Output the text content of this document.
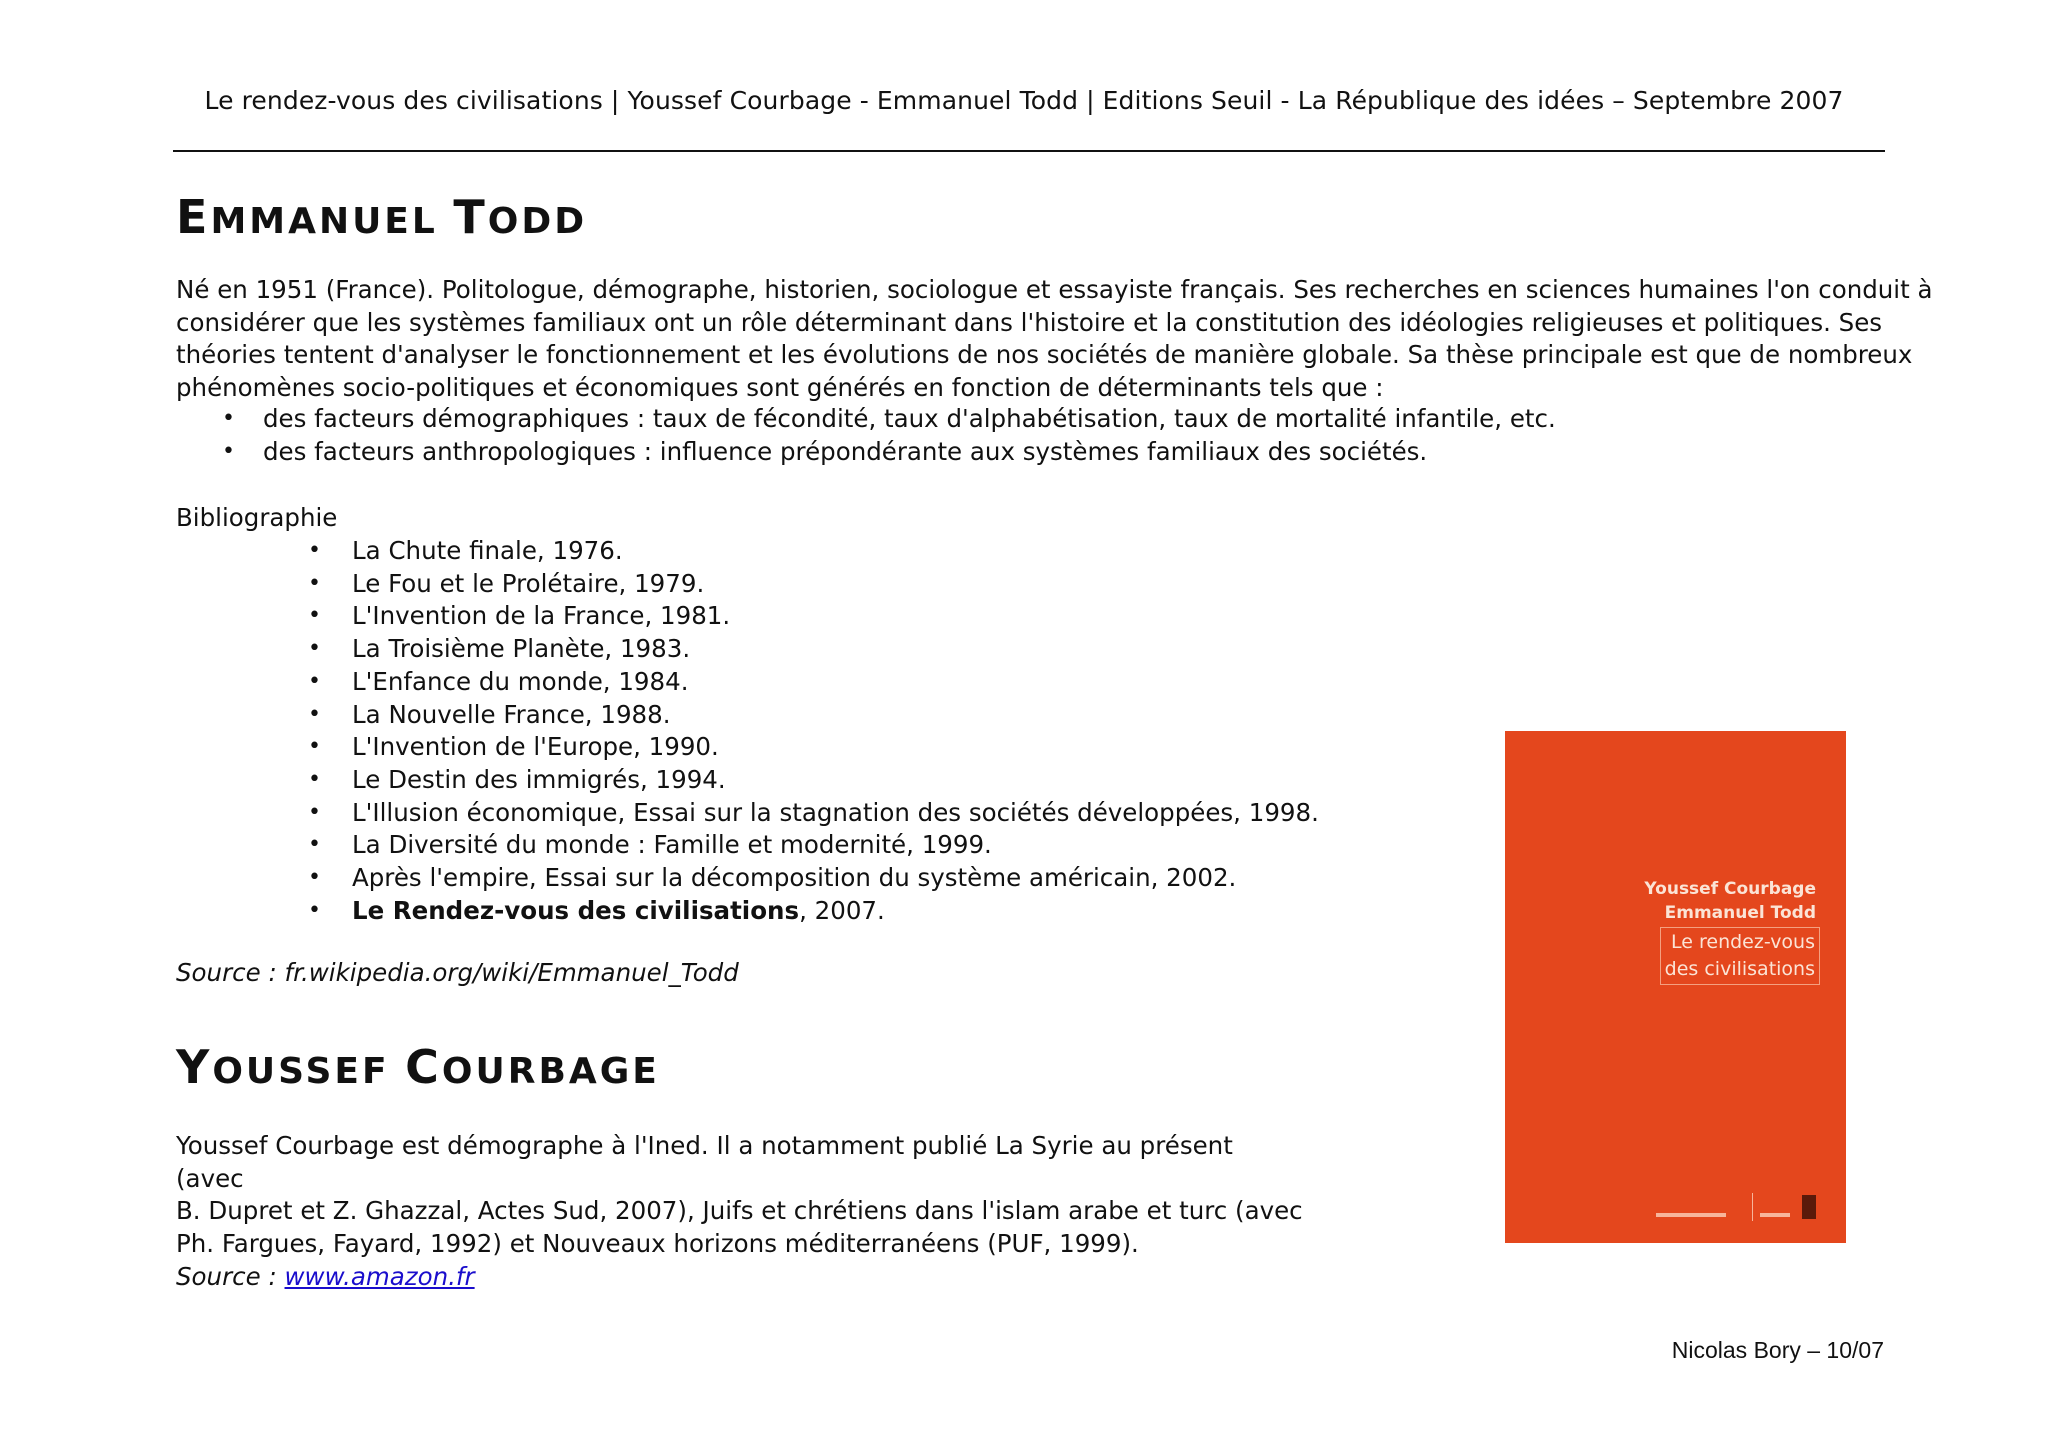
Le rendez-vous des civilisations | Youssef Courbage - Emmanuel Todd | Editions Seuil - La République des idées – Septembre 2007
EMMANUEL TODD

Né en 1951 (France). Politologue, démographe, historien, sociologue et essayiste français. Ses recherches en sciences humaines l'on conduit à considérer que les systèmes familiaux ont un rôle déterminant dans l'histoire et la constitution des idéologies religieuses et politiques. Ses théories tentent d'analyser le fonctionnement et les évolutions de nos sociétés de manière globale. Sa thèse principale est que de nombreux phénomènes socio-politiques et économiques sont générés en fonction de déterminants tels que :

• des facteurs démographiques : taux de fécondité, taux d'alphabétisation, taux de mortalité infantile, etc.
• des facteurs anthropologiques : influence prépondérante aux systèmes familiaux des sociétés.
Bibliographie
• La Chute finale, 1976.
• Le Fou et le Prolétaire, 1979.
• L'Invention de la France, 1981.
• La Troisième Planète, 1983.
• L'Enfance du monde, 1984.
• La Nouvelle France, 1988.
• L'Invention de l'Europe, 1990.
• Le Destin des immigrés, 1994.
• L'Illusion économique, Essai sur la stagnation des sociétés développées, 1998.
• La Diversité du monde : Famille et modernité, 1999.
• Après l'empire, Essai sur la décomposition du système américain, 2002.
• Le Rendez-vous des civilisations, 2007.
Source : fr.wikipedia.org/wiki/Emmanuel_Todd
YOUSSEF COURBAGE

Youssef Courbage est démographe à l'Ined. Il a notamment publié La Syrie au présent (avec
B. Dupret et Z. Ghazzal, Actes Sud, 2007), Juifs et chrétiens dans l'islam arabe et turc (avec
Ph. Fargues, Fayard, 1992) et Nouveaux horizons méditerranéens (PUF, 1999).

Source : www.amazon.fr
Youssef Courbage
Emmanuel Todd
Le rendez-vous
des civilisations
Nicolas Bory – 10/07
